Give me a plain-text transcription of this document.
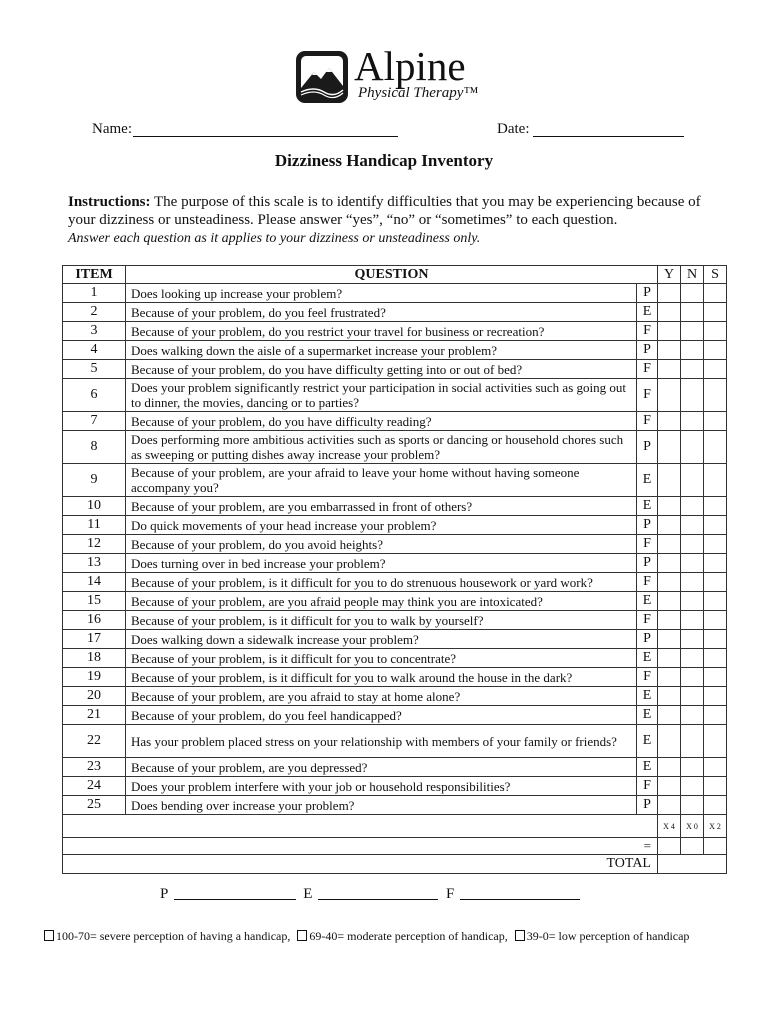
Alpine
Physical Therapy™
Name:	Date:
Dizziness Handicap Inventory
Instructions: The purpose of this scale is to identify difficulties that you may be experiencing because of your dizziness or unsteadiness. Please answer “yes”, “no” or “sometimes” to each question.
Answer each question as it applies to your dizziness or unsteadiness only.
ITEM	QUESTION		Y	N	S
1	Does looking up increase your problem?	P			
2	Because of your problem, do you feel frustrated?	E			
3	Because of your problem, do you restrict your travel for business or recreation?	F			
4	Does walking down the aisle of a supermarket increase your problem?	P			
5	Because of your problem, do you have difficulty getting into or out of bed?	F			
6	Does your problem significantly restrict your participation in social activities such as going out to dinner, the movies, dancing or to parties?	F			
7	Because of your problem, do you have difficulty reading?	F			
8	Does performing more ambitious activities such as sports or dancing or household chores such as sweeping or putting dishes away increase your problem?	P			
9	Because of your problem, are your afraid to leave your home without having someone accompany you?	E			
10	Because of your problem, are you embarrassed in front of others?	E			
11	Do quick movements of your head increase your problem?	P			
12	Because of your problem, do you avoid heights?	F			
13	Does turning over in bed increase your problem?	P			
14	Because of your problem, is it difficult for you to do strenuous housework or yard work?	F			
15	Because of your problem, are you afraid people may think you are intoxicated?	E			
16	Because of your problem, is it difficult for you to walk by yourself?	F			
17	Does walking down a sidewalk increase your problem?	P			
18	Because of your problem, is it difficult for you to concentrate?	E			
19	Because of your problem, is it difficult for you to walk around the house in the dark?	F			
20	Because of your problem, are you afraid to stay at home alone?	E			
21	Because of your problem, do you feel handicapped?	E			
22	Has your problem placed stress on your relationship with members of your family or friends?	E			
23	Because of your problem, are you depressed?	E			
24	Does your problem interfere with your job or household responsibilities?	F			
25	Does bending over increase your problem?	P			
			X 4	X 0	X 2
=					
TOTAL					
P	E	F
100-70= severe perception of having a handicap, 69-40= moderate perception of handicap, 39-0= low perception of handicap
